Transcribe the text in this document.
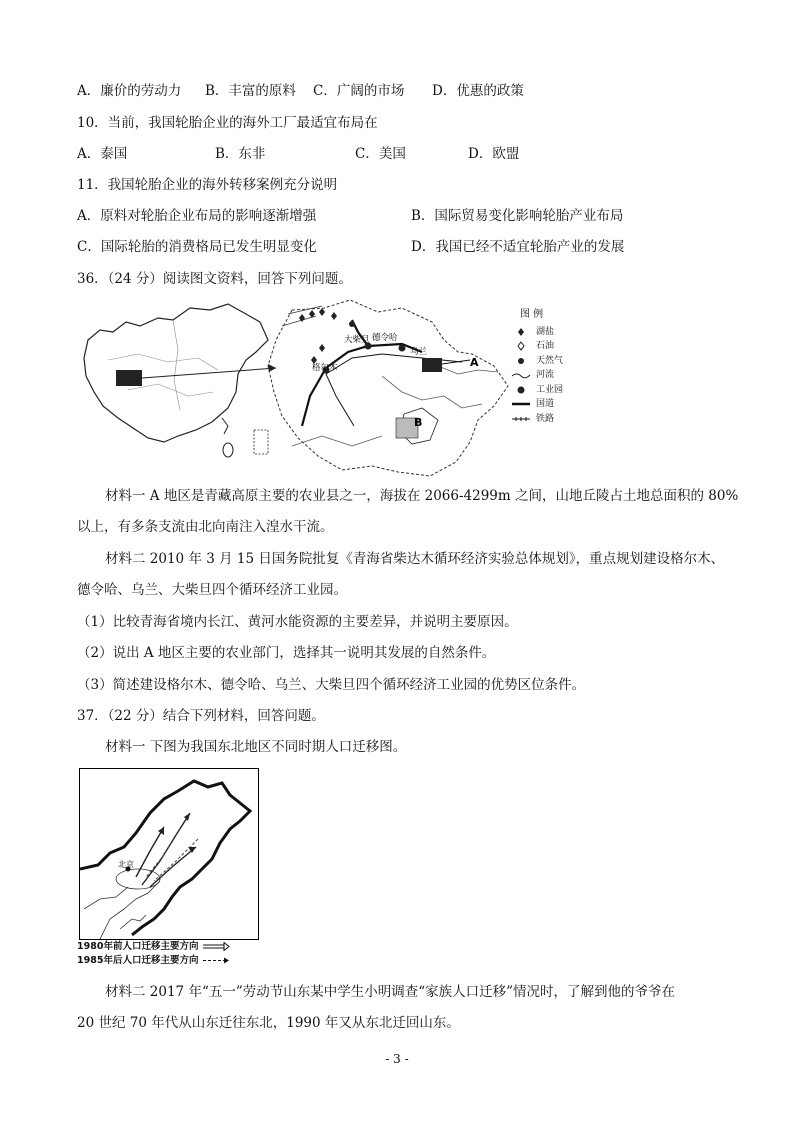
A．廉价的劳动力 B．丰富的原料 C．广阔的市场 D．优惠的政策
10．当前，我国轮胎企业的海外工厂最适宜布局在
A．泰国	B．东非	C．美国	D．欧盟
11．我国轮胎企业的海外转移案例充分说明
A．原料对轮胎企业布局的影响逐渐增强	B．国际贸易变化影响轮胎产业布局
C．国际轮胎的消费格局已发生明显变化	D．我国已经不适宜轮胎产业的发展
36．（24 分）阅读图文资料，回答下列问题。
大柴旦 德令哈
乌兰
格尔木	A
B
图 例
湖盐
石油
天然气
河流
工业园
国道
铁路
材料一 A 地区是青藏高原主要的农业县之一，海拔在 2066-4299m 之间，山地丘陵占土地总面积的 80%
以上，有多条支流由北向南注入湟水干流。
材料二 2010 年 3 月 15 日国务院批复《青海省柴达木循环经济实验总体规划》，重点规划建设格尔木、
德令哈、乌兰、大柴旦四个循环经济工业园。
（1）比较青海省境内长江、黄河水能资源的主要差异，并说明主要原因。
（2）说出 A 地区主要的农业部门，选择其一说明其发展的自然条件。
（3）简述建设格尔木、德令哈、乌兰、大柴旦四个循环经济工业园的优势区位条件。
37．（22 分）结合下列材料，回答问题。
材料一 下图为我国东北地区不同时期人口迁移图。
北京
1980年前人口迁移主要方向
1985年后人口迁移主要方向
材料二 2017 年“五一”劳动节山东某中学生小明调查“家族人口迁移”情况时，了解到他的爷爷在
20 世纪 70 年代从山东迁往东北，1990 年又从东北迁回山东。
- 3 -
